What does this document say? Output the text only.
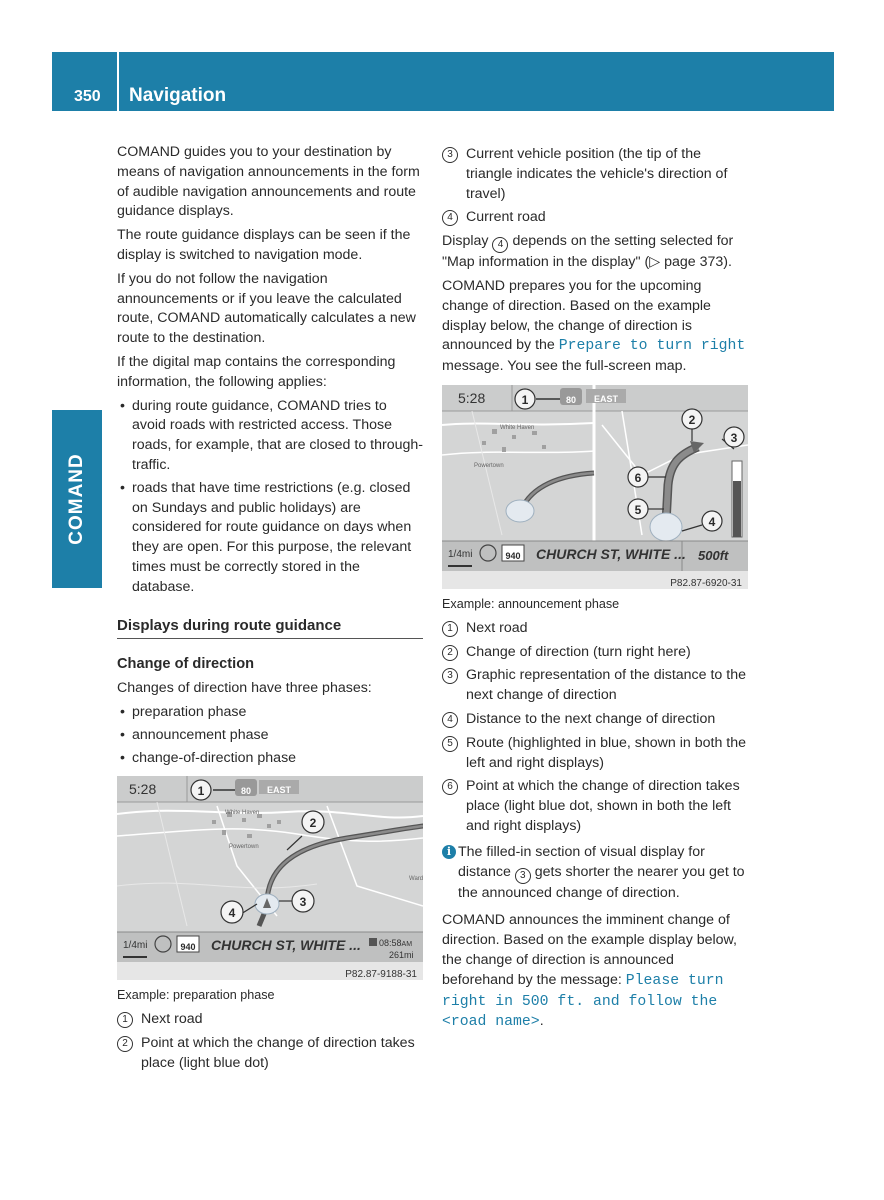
350 Navigation
COMAND

COMAND guides you to your destination by means of navigation announcements in the form of audible navigation announcements and route guidance displays.

The route guidance displays can be seen if the display is switched to navigation mode.

If you do not follow the navigation announcements or if you leave the calculated route, COMAND automatically calculates a new route to the destination.

If the digital map contains the corresponding information, the following applies:

• during route guidance, COMAND tries to avoid roads with restricted access. Those roads, for example, that are closed to through-traffic.
• roads that have time restrictions (e.g. closed on Sundays and public holidays) are considered for route guidance on days when they are open. For this purpose, the relevant times must be correctly stored in the database.
Displays during route guidance
Change of direction

Changes of direction have three phases:

• preparation phase
• announcement phase
• change-of-direction phase
5:28	80	EAST
1
2
3
4
White Haven
Powertown
Ward
1/4mi	940 CHURCH ST, WHITE ... 08:58AM
261mi
P82.87-9188-31

Example: preparation phase

1 Next road
2 Point at which the change of direction takes place (light blue dot)
3 Current vehicle position (the tip of the triangle indicates the vehicle's direction of travel)
4 Current road

Display 4 depends on the setting selected for "Map information in the display" (▷ page 373).

COMAND prepares you for the upcoming change of direction. Based on the example display below, the change of direction is announced by the Prepare to turn right message. You see the full-screen map.

5:28	80	EAST
1
2
3
6
5
4
White Haven
Powertown
1/4mi	940 CHURCH ST, WHITE ... 500ft
P82.87-6920-31

Example: announcement phase

1 Next road
2 Change of direction (turn right here)
3 Graphic representation of the distance to the next change of direction
4 Distance to the next change of direction
5 Route (highlighted in blue, shown in both the left and right displays)
6 Point at which the change of direction takes place (light blue dot, shown in both the left and right displays)
i The filled-in section of visual display for distance 3 gets shorter the nearer you get to the announced change of direction.

COMAND announces the imminent change of direction. Based on the example display below, the change of direction is announced beforehand by the message: Please turn right in 500 ft. and follow the <road name>.
